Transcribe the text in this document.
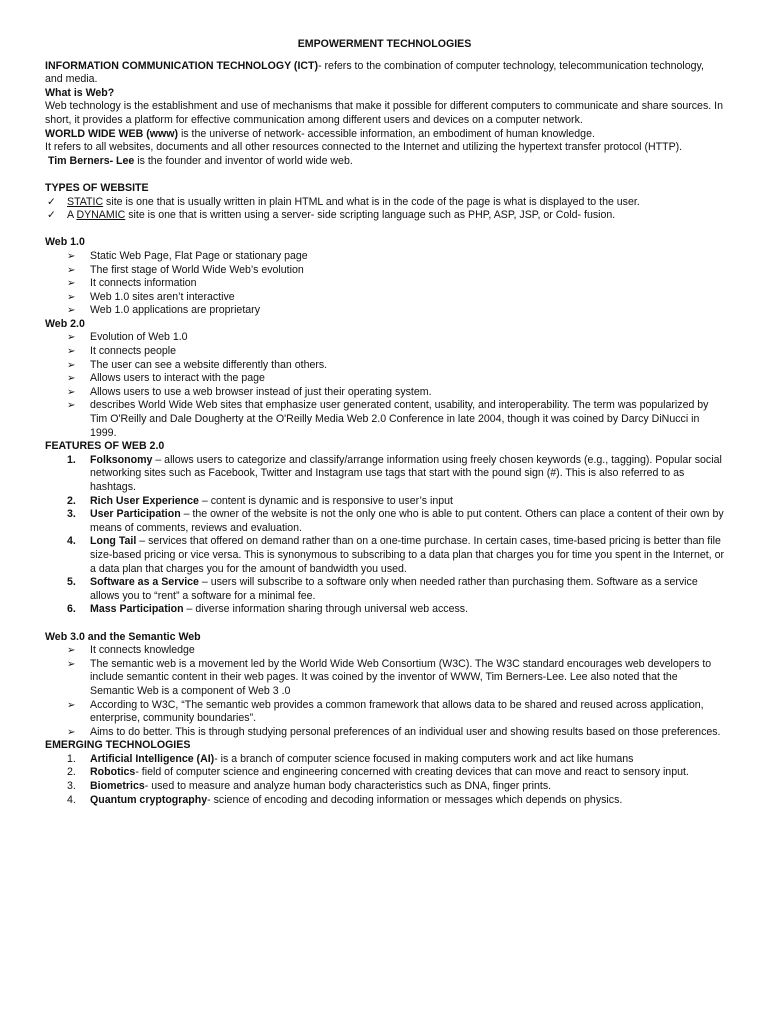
EMPOWERMENT TECHNOLOGIES

INFORMATION COMMUNICATION TECHNOLOGY (ICT)- refers to the combination of computer technology, telecommunication technology, and media.

What is Web?

Web technology is the establishment and use of mechanisms that make it possible for different computers to communicate and share sources. In short, it provides a platform for effective communication among different users and devices on a computer network.

WORLD WIDE WEB (www) is the universe of network- accessible information, an embodiment of human knowledge.

It refers to all websites, documents and all other resources connected to the Internet and utilizing the hypertext transfer protocol (HTTP).

Tim Berners- Lee is the founder and inventor of world wide web.

TYPES OF WEBSITE

✓ STATIC site is one that is usually written in plain HTML and what is in the code of the page is what is displayed to the user.
✓ A DYNAMIC site is one that is written using a server- side scripting language such as PHP, ASP, JSP, or Cold- fusion.

Web 1.0

➢ Static Web Page, Flat Page or stationary page
➢ The first stage of World Wide Web’s evolution
➢ It connects information
➢ Web 1.0 sites aren’t interactive
➢ Web 1.0 applications are proprietary

Web 2.0

➢ Evolution of Web 1.0
➢ It connects people
➢ The user can see a website differently than others.
➢ Allows users to interact with the page
➢ Allows users to use a web browser instead of just their operating system.
➢ describes World Wide Web sites that emphasize user generated content, usability, and interoperability. The term was popularized by Tim O'Reilly and Dale Dougherty at the O'Reilly Media Web 2.0 Conference in late 2004, though it was coined by Darcy DiNucci in 1999.

FEATURES OF WEB 2.0

1. Folksonomy – allows users to categorize and classify/arrange information using freely chosen keywords (e.g., tagging). Popular social networking sites such as Facebook, Twitter and Instagram use tags that start with the pound sign (#). This is also referred to as hashtags.
2. Rich User Experience – content is dynamic and is responsive to user’s input
3. User Participation – the owner of the website is not the only one who is able to put content. Others can place a content of their own by means of comments, reviews and evaluation.
4. Long Tail – services that offered on demand rather than on a one-time purchase. In certain cases, time-based pricing is better than file size-based pricing or vice versa. This is synonymous to subscribing to a data plan that charges you for time you spent in the Internet, or a data plan that charges you for the amount of bandwidth you used.
5. Software as a Service – users will subscribe to a software only when needed rather than purchasing them. Software as a service allows you to “rent” a software for a minimal fee.
6. Mass Participation – diverse information sharing through universal web access.

Web 3.0 and the Semantic Web

➢ It connects knowledge
➢ The semantic web is a movement led by the World Wide Web Consortium (W3C). The W3C standard encourages web developers to include semantic content in their web pages. It was coined by the inventor of WWW, Tim Berners-Lee. Lee also noted that the Semantic Web is a component of Web 3 .0
➢ According to W3C, “The semantic web provides a common framework that allows data to be shared and reused across application, enterprise, community boundaries”.
➢ Aims to do better. This is through studying personal preferences of an individual user and showing results based on those preferences.

EMERGING TECHNOLOGIES

1. Artificial Intelligence (AI)- is a branch of computer science focused in making computers work and act like humans
2. Robotics- field of computer science and engineering concerned with creating devices that can move and react to sensory input.
3. Biometrics- used to measure and analyze human body characteristics such as DNA, finger prints.
4. Quantum cryptography- science of encoding and decoding information or messages which depends on physics.
